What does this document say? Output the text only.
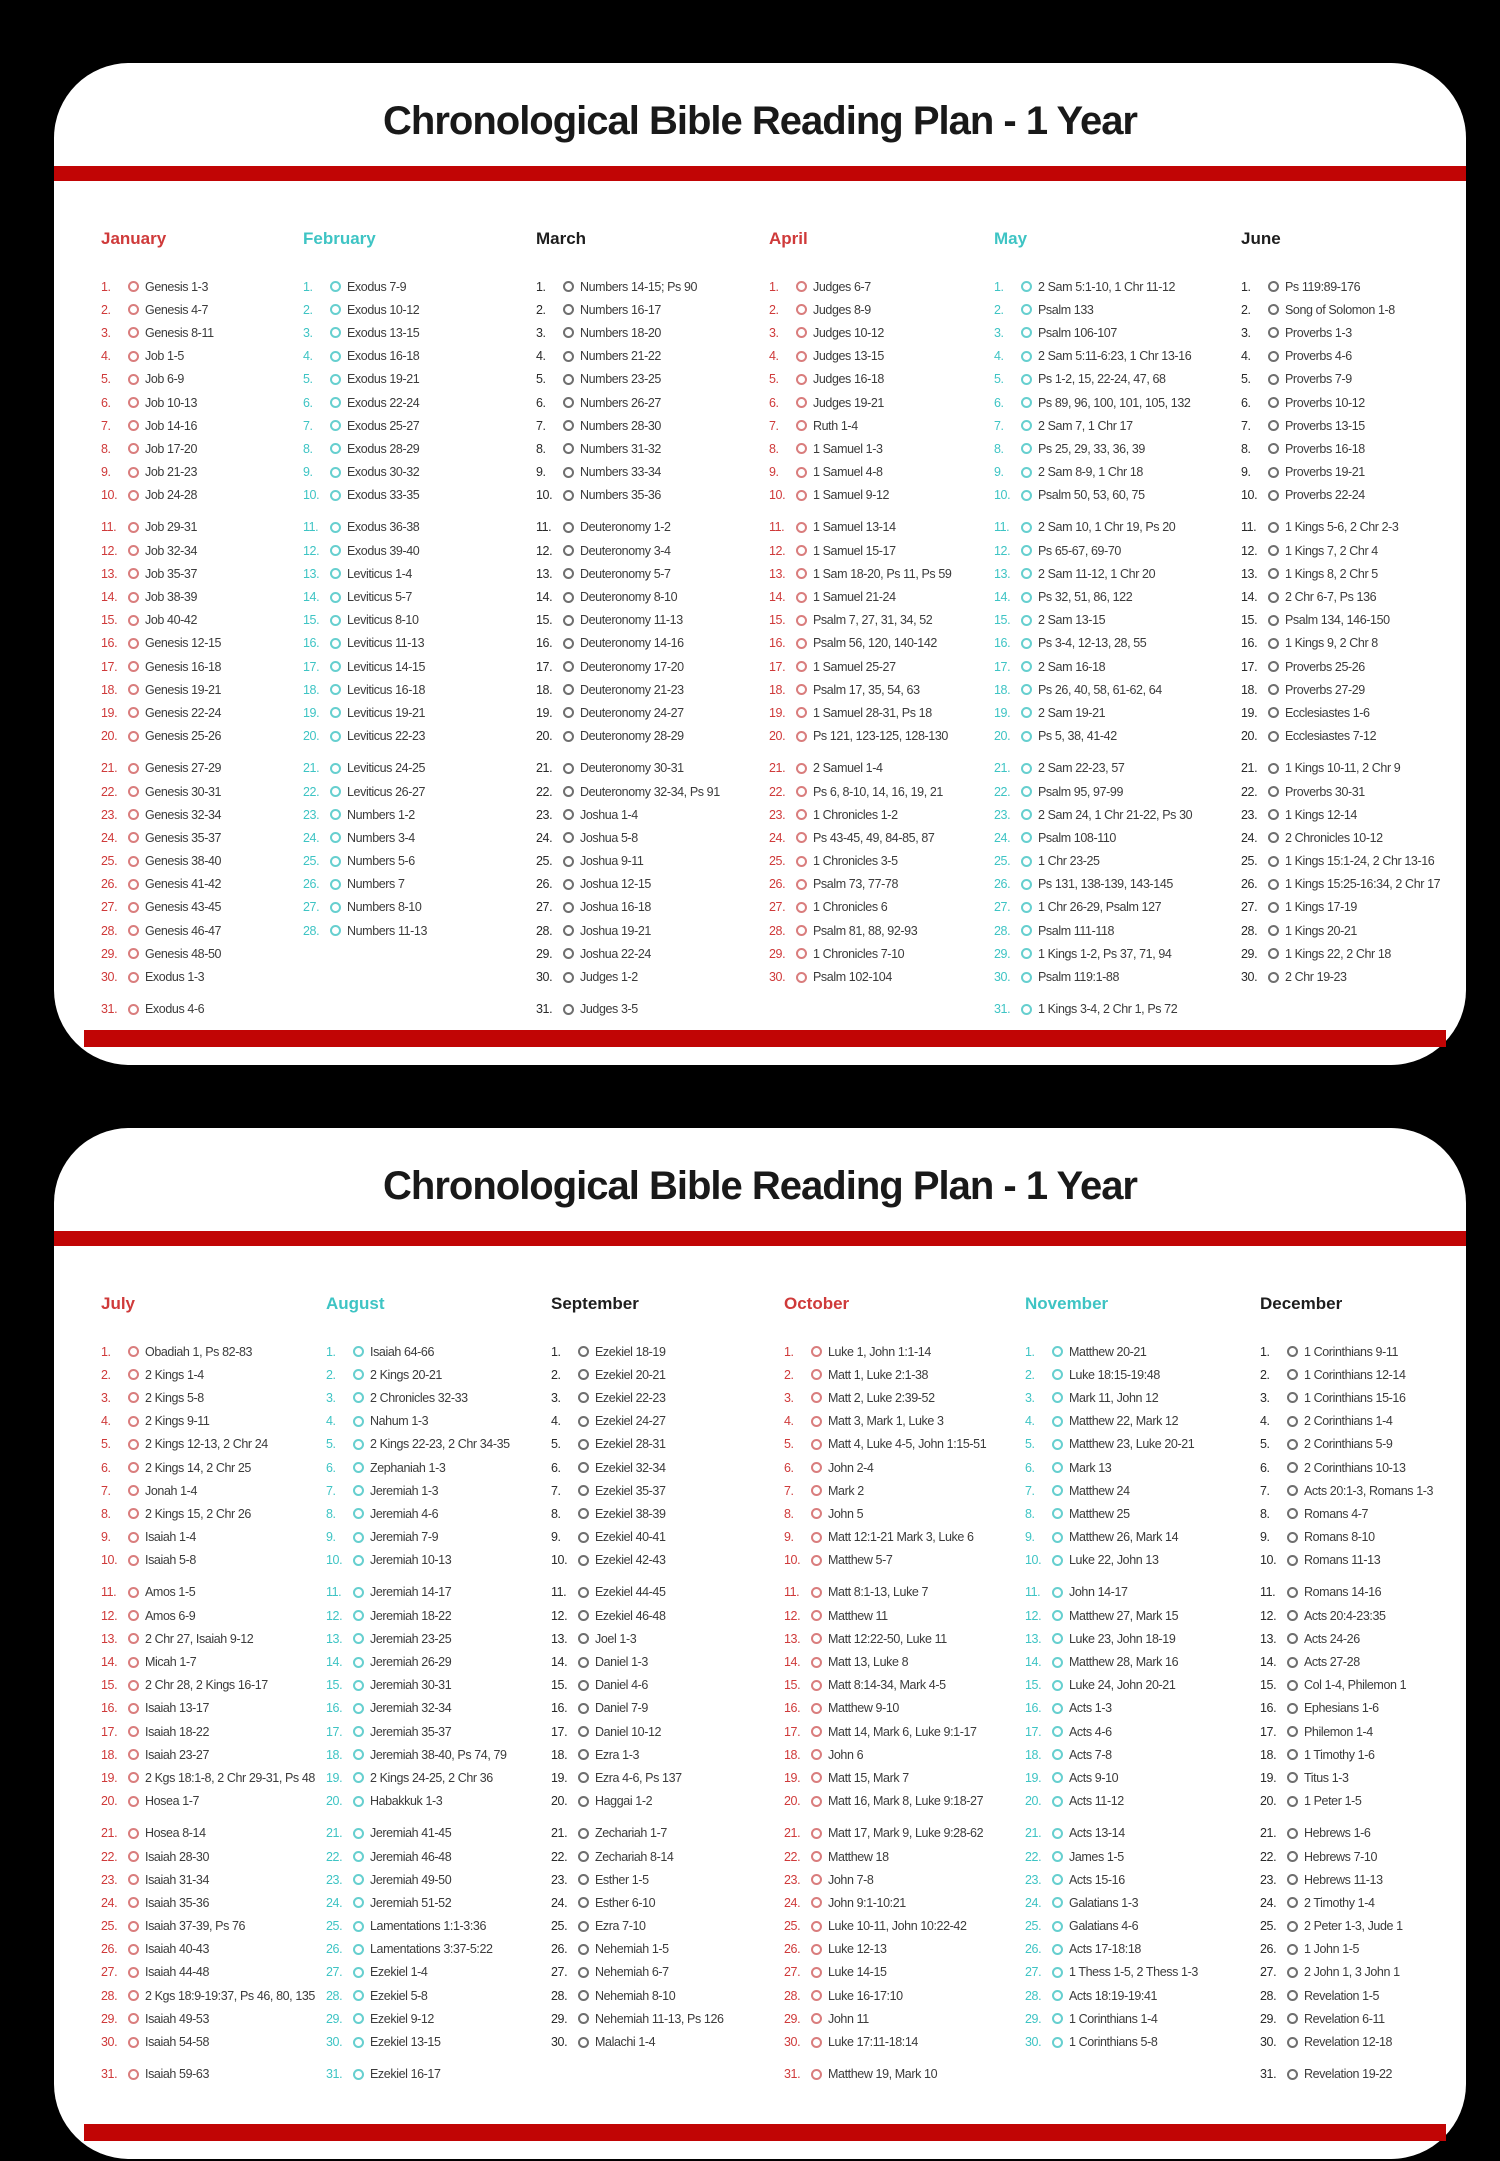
Chronological Bible Reading Plan - 1 Year
January
1.	Genesis 1-3
2.	Genesis 4-7
3.	Genesis 8-11
4.	Job 1-5
5.	Job 6-9
6.	Job 10-13
7.	Job 14-16
8.	Job 17-20
9.	Job 21-23
10.	Job 24-28
11.	Job 29-31
12.	Job 32-34
13.	Job 35-37
14.	Job 38-39
15.	Job 40-42
16.	Genesis 12-15
17.	Genesis 16-18
18.	Genesis 19-21
19.	Genesis 22-24
20.	Genesis 25-26
21.	Genesis 27-29
22.	Genesis 30-31
23.	Genesis 32-34
24.	Genesis 35-37
25.	Genesis 38-40
26.	Genesis 41-42
27.	Genesis 43-45
28.	Genesis 46-47
29.	Genesis 48-50
30.	Exodus 1-3
31.	Exodus 4-6
February
1.	Exodus 7-9
2.	Exodus 10-12
3.	Exodus 13-15
4.	Exodus 16-18
5.	Exodus 19-21
6.	Exodus 22-24
7.	Exodus 25-27
8.	Exodus 28-29
9.	Exodus 30-32
10.	Exodus 33-35
11.	Exodus 36-38
12.	Exodus 39-40
13.	Leviticus 1-4
14.	Leviticus 5-7
15.	Leviticus 8-10
16.	Leviticus 11-13
17.	Leviticus 14-15
18.	Leviticus 16-18
19.	Leviticus 19-21
20.	Leviticus 22-23
21.	Leviticus 24-25
22.	Leviticus 26-27
23.	Numbers 1-2
24.	Numbers 3-4
25.	Numbers 5-6
26.	Numbers 7
27.	Numbers 8-10
28.	Numbers 11-13
March
1.	Numbers 14-15; Ps 90
2.	Numbers 16-17
3.	Numbers 18-20
4.	Numbers 21-22
5.	Numbers 23-25
6.	Numbers 26-27
7.	Numbers 28-30
8.	Numbers 31-32
9.	Numbers 33-34
10.	Numbers 35-36
11.	Deuteronomy 1-2
12.	Deuteronomy 3-4
13.	Deuteronomy 5-7
14.	Deuteronomy 8-10
15.	Deuteronomy 11-13
16.	Deuteronomy 14-16
17.	Deuteronomy 17-20
18.	Deuteronomy 21-23
19.	Deuteronomy 24-27
20.	Deuteronomy 28-29
21.	Deuteronomy 30-31
22.	Deuteronomy 32-34, Ps 91
23.	Joshua 1-4
24.	Joshua 5-8
25.	Joshua 9-11
26.	Joshua 12-15
27.	Joshua 16-18
28.	Joshua 19-21
29.	Joshua 22-24
30.	Judges 1-2
31.	Judges 3-5
April
1.	Judges 6-7
2.	Judges 8-9
3.	Judges 10-12
4.	Judges 13-15
5.	Judges 16-18
6.	Judges 19-21
7.	Ruth 1-4
8.	1 Samuel 1-3
9.	1 Samuel 4-8
10.	1 Samuel 9-12
11.	1 Samuel 13-14
12.	1 Samuel 15-17
13.	1 Sam 18-20, Ps 11, Ps 59
14.	1 Samuel 21-24
15.	Psalm 7, 27, 31, 34, 52
16.	Psalm 56, 120, 140-142
17.	1 Samuel 25-27
18.	Psalm 17, 35, 54, 63
19.	1 Samuel 28-31, Ps 18
20.	Ps 121, 123-125, 128-130
21.	2 Samuel 1-4
22.	Ps 6, 8-10, 14, 16, 19, 21
23.	1 Chronicles 1-2
24.	Ps 43-45, 49, 84-85, 87
25.	1 Chronicles 3-5
26.	Psalm 73, 77-78
27.	1 Chronicles 6
28.	Psalm 81, 88, 92-93
29.	1 Chronicles 7-10
30.	Psalm 102-104
May
1.	2 Sam 5:1-10, 1 Chr 11-12
2.	Psalm 133
3.	Psalm 106-107
4.	2 Sam 5:11-6:23, 1 Chr 13-16
5.	Ps 1-2, 15, 22-24, 47, 68
6.	Ps 89, 96, 100, 101, 105, 132
7.	2 Sam 7, 1 Chr 17
8.	Ps 25, 29, 33, 36, 39
9.	2 Sam 8-9, 1 Chr 18
10.	Psalm 50, 53, 60, 75
11.	2 Sam 10, 1 Chr 19, Ps 20
12.	Ps 65-67, 69-70
13.	2 Sam 11-12, 1 Chr 20
14.	Ps 32, 51, 86, 122
15.	2 Sam 13-15
16.	Ps 3-4, 12-13, 28, 55
17.	2 Sam 16-18
18.	Ps 26, 40, 58, 61-62, 64
19.	2 Sam 19-21
20.	Ps 5, 38, 41-42
21.	2 Sam 22-23, 57
22.	Psalm 95, 97-99
23.	2 Sam 24, 1 Chr 21-22, Ps 30
24.	Psalm 108-110
25.	1 Chr 23-25
26.	Ps 131, 138-139, 143-145
27.	1 Chr 26-29, Psalm 127
28.	Psalm 111-118
29.	1 Kings 1-2, Ps 37, 71, 94
30.	Psalm 119:1-88
31.	1 Kings 3-4, 2 Chr 1, Ps 72
June
1.	Ps 119:89-176
2.	Song of Solomon 1-8
3.	Proverbs 1-3
4.	Proverbs 4-6
5.	Proverbs 7-9
6.	Proverbs 10-12
7.	Proverbs 13-15
8.	Proverbs 16-18
9.	Proverbs 19-21
10.	Proverbs 22-24
11.	1 Kings 5-6, 2 Chr 2-3
12.	1 Kings 7, 2 Chr 4
13.	1 Kings 8, 2 Chr 5
14.	2 Chr 6-7, Ps 136
15.	Psalm 134, 146-150
16.	1 Kings 9, 2 Chr 8
17.	Proverbs 25-26
18.	Proverbs 27-29
19.	Ecclesiastes 1-6
20.	Ecclesiastes 7-12
21.	1 Kings 10-11, 2 Chr 9
22.	Proverbs 30-31
23.	1 Kings 12-14
24.	2 Chronicles 10-12
25.	1 Kings 15:1-24, 2 Chr 13-16
26.	1 Kings 15:25-16:34, 2 Chr 17
27.	1 Kings 17-19
28.	1 Kings 20-21
29.	1 Kings 22, 2 Chr 18
30.	2 Chr 19-23
Chronological Bible Reading Plan - 1 Year
July
1.	Obadiah 1, Ps 82-83
2.	2 Kings 1-4
3.	2 Kings 5-8
4.	2 Kings 9-11
5.	2 Kings 12-13, 2 Chr 24
6.	2 Kings 14, 2 Chr 25
7.	Jonah 1-4
8.	2 Kings 15, 2 Chr 26
9.	Isaiah 1-4
10.	Isaiah 5-8
11.	Amos 1-5
12.	Amos 6-9
13.	2 Chr 27, Isaiah 9-12
14.	Micah 1-7
15.	2 Chr 28, 2 Kings 16-17
16.	Isaiah 13-17
17.	Isaiah 18-22
18.	Isaiah 23-27
19.	2 Kgs 18:1-8, 2 Chr 29-31, Ps 48
20.	Hosea 1-7
21.	Hosea 8-14
22.	Isaiah 28-30
23.	Isaiah 31-34
24.	Isaiah 35-36
25.	Isaiah 37-39, Ps 76
26.	Isaiah 40-43
27.	Isaiah 44-48
28.	2 Kgs 18:9-19:37, Ps 46, 80, 135
29.	Isaiah 49-53
30.	Isaiah 54-58
31.	Isaiah 59-63
August
1.	Isaiah 64-66
2.	2 Kings 20-21
3.	2 Chronicles 32-33
4.	Nahum 1-3
5.	2 Kings 22-23, 2 Chr 34-35
6.	Zephaniah 1-3
7.	Jeremiah 1-3
8.	Jeremiah 4-6
9.	Jeremiah 7-9
10.	Jeremiah 10-13
11.	Jeremiah 14-17
12.	Jeremiah 18-22
13.	Jeremiah 23-25
14.	Jeremiah 26-29
15.	Jeremiah 30-31
16.	Jeremiah 32-34
17.	Jeremiah 35-37
18.	Jeremiah 38-40, Ps 74, 79
19.	2 Kings 24-25, 2 Chr 36
20.	Habakkuk 1-3
21.	Jeremiah 41-45
22.	Jeremiah 46-48
23.	Jeremiah 49-50
24.	Jeremiah 51-52
25.	Lamentations 1:1-3:36
26.	Lamentations 3:37-5:22
27.	Ezekiel 1-4
28.	Ezekiel 5-8
29.	Ezekiel 9-12
30.	Ezekiel 13-15
31.	Ezekiel 16-17
September
1.	Ezekiel 18-19
2.	Ezekiel 20-21
3.	Ezekiel 22-23
4.	Ezekiel 24-27
5.	Ezekiel 28-31
6.	Ezekiel 32-34
7.	Ezekiel 35-37
8.	Ezekiel 38-39
9.	Ezekiel 40-41
10.	Ezekiel 42-43
11.	Ezekiel 44-45
12.	Ezekiel 46-48
13.	Joel 1-3
14.	Daniel 1-3
15.	Daniel 4-6
16.	Daniel 7-9
17.	Daniel 10-12
18.	Ezra 1-3
19.	Ezra 4-6, Ps 137
20.	Haggai 1-2
21.	Zechariah 1-7
22.	Zechariah 8-14
23.	Esther 1-5
24.	Esther 6-10
25.	Ezra 7-10
26.	Nehemiah 1-5
27.	Nehemiah 6-7
28.	Nehemiah 8-10
29.	Nehemiah 11-13, Ps 126
30.	Malachi 1-4
October
1.	Luke 1, John 1:1-14
2.	Matt 1, Luke 2:1-38
3.	Matt 2, Luke 2:39-52
4.	Matt 3, Mark 1, Luke 3
5.	Matt 4, Luke 4-5, John 1:15-51
6.	John 2-4
7.	Mark 2
8.	John 5
9.	Matt 12:1-21 Mark 3, Luke 6
10.	Matthew 5-7
11.	Matt 8:1-13, Luke 7
12.	Matthew 11
13.	Matt 12:22-50, Luke 11
14.	Matt 13, Luke 8
15.	Matt 8:14-34, Mark 4-5
16.	Matthew 9-10
17.	Matt 14, Mark 6, Luke 9:1-17
18.	John 6
19.	Matt 15, Mark 7
20.	Matt 16, Mark 8, Luke 9:18-27
21.	Matt 17, Mark 9, Luke 9:28-62
22.	Matthew 18
23.	John 7-8
24.	John 9:1-10:21
25.	Luke 10-11, John 10:22-42
26.	Luke 12-13
27.	Luke 14-15
28.	Luke 16-17:10
29.	John 11
30.	Luke 17:11-18:14
31.	Matthew 19, Mark 10
November
1.	Matthew 20-21
2.	Luke 18:15-19:48
3.	Mark 11, John 12
4.	Matthew 22, Mark 12
5.	Matthew 23, Luke 20-21
6.	Mark 13
7.	Matthew 24
8.	Matthew 25
9.	Matthew 26, Mark 14
10.	Luke 22, John 13
11.	John 14-17
12.	Matthew 27, Mark 15
13.	Luke 23, John 18-19
14.	Matthew 28, Mark 16
15.	Luke 24, John 20-21
16.	Acts 1-3
17.	Acts 4-6
18.	Acts 7-8
19.	Acts 9-10
20.	Acts 11-12
21.	Acts 13-14
22.	James 1-5
23.	Acts 15-16
24.	Galatians 1-3
25.	Galatians 4-6
26.	Acts 17-18:18
27.	1 Thess 1-5, 2 Thess 1-3
28.	Acts 18:19-19:41
29.	1 Corinthians 1-4
30.	1 Corinthians 5-8
December
1.	1 Corinthians 9-11
2.	1 Corinthians 12-14
3.	1 Corinthians 15-16
4.	2 Corinthians 1-4
5.	2 Corinthians 5-9
6.	2 Corinthians 10-13
7.	Acts 20:1-3, Romans 1-3
8.	Romans 4-7
9.	Romans 8-10
10.	Romans 11-13
11.	Romans 14-16
12.	Acts 20:4-23:35
13.	Acts 24-26
14.	Acts 27-28
15.	Col 1-4, Philemon 1
16.	Ephesians 1-6
17.	Philemon 1-4
18.	1 Timothy 1-6
19.	Titus 1-3
20.	1 Peter 1-5
21.	Hebrews 1-6
22.	Hebrews 7-10
23.	Hebrews 11-13
24.	2 Timothy 1-4
25.	2 Peter 1-3, Jude 1
26.	1 John 1-5
27.	2 John 1, 3 John 1
28.	Revelation 1-5
29.	Revelation 6-11
30.	Revelation 12-18
31.	Revelation 19-22
